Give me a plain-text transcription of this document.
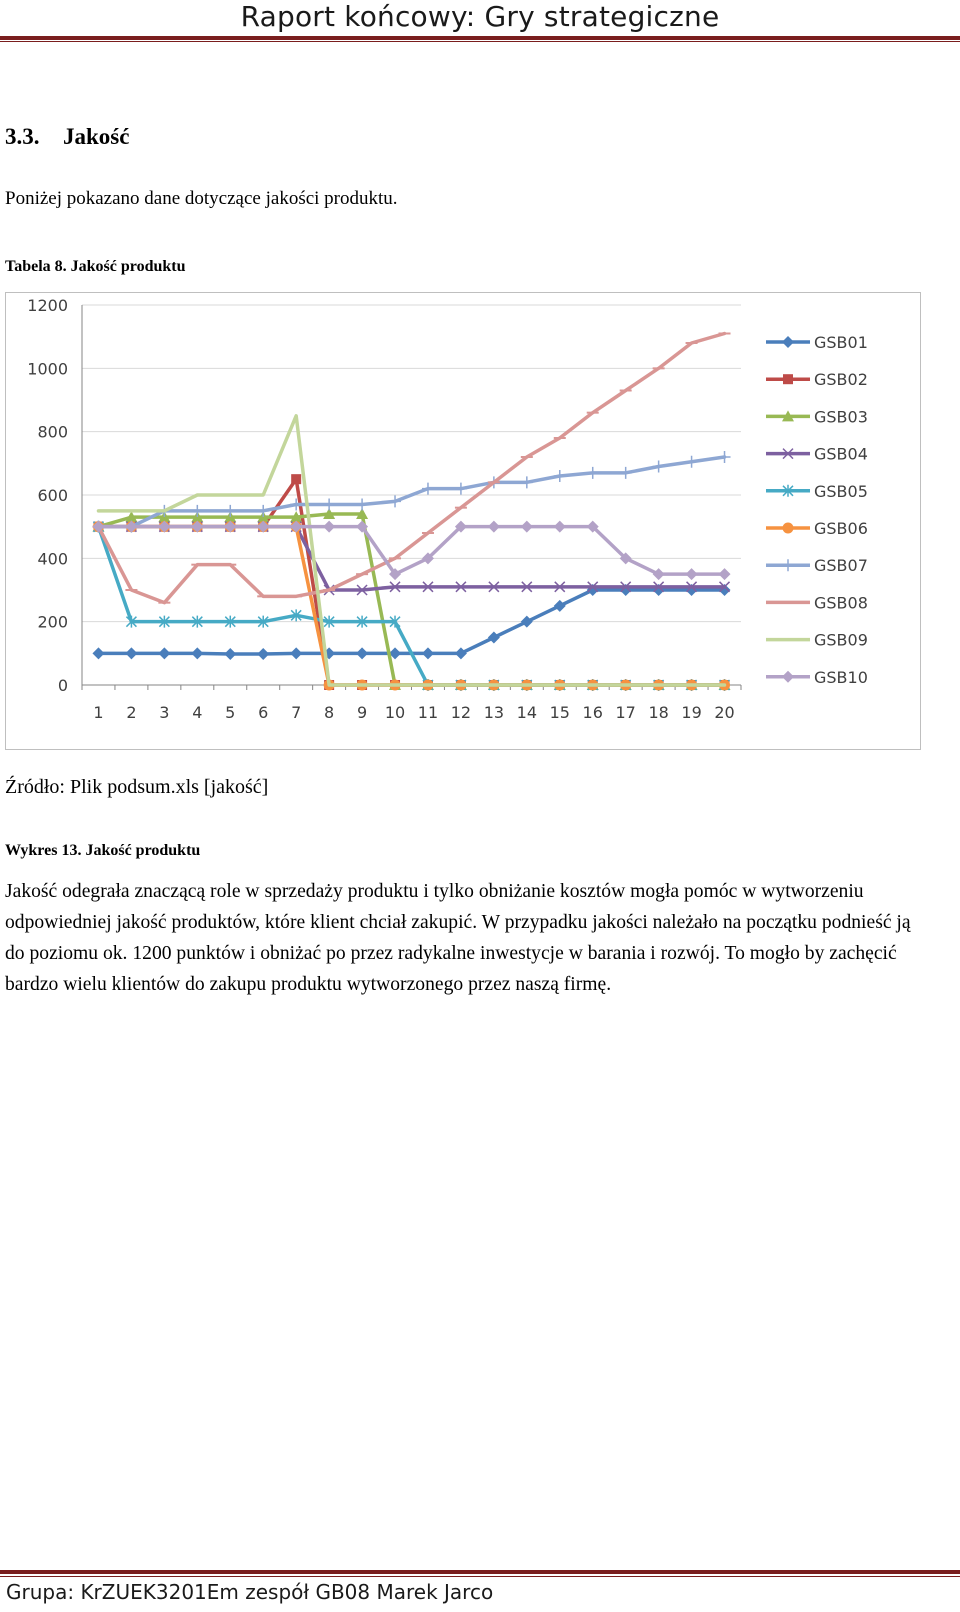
Raport końcowy: Gry strategiczne
3.3. Jakość
Poniżej pokazano dane dotyczące jakości produktu.
Tabela 8. Jakość produktu
0
200
400
600
800
1000
1200
1 2 3 4 5 6 7 8 9 10 11 12 13 14 15 16 17 18 19 20
GSB01
GSB02
GSB03
GSB04
GSB05
GSB06
GSB07
GSB08
GSB09
GSB10
Źródło: Plik podsum.xls [jakość]
Wykres 13. Jakość produktu
Jakość odegrała znaczącą role w sprzedaży produktu i tylko obniżanie kosztów mogła pomóc w wytworzeniu odpowiedniej jakość produktów, które klient chciał zakupić. W przypadku jakości należało na początku podnieść ją do poziomu ok. 1200 punktów i obniżać po przez radykalne inwestycje w barania i rozwój. To mogło by zachęcić bardzo wielu klientów do zakupu produktu wytworzonego przez naszą firmę.
Grupa: KrZUEK3201Em zespół GB08 Marek Jarco
